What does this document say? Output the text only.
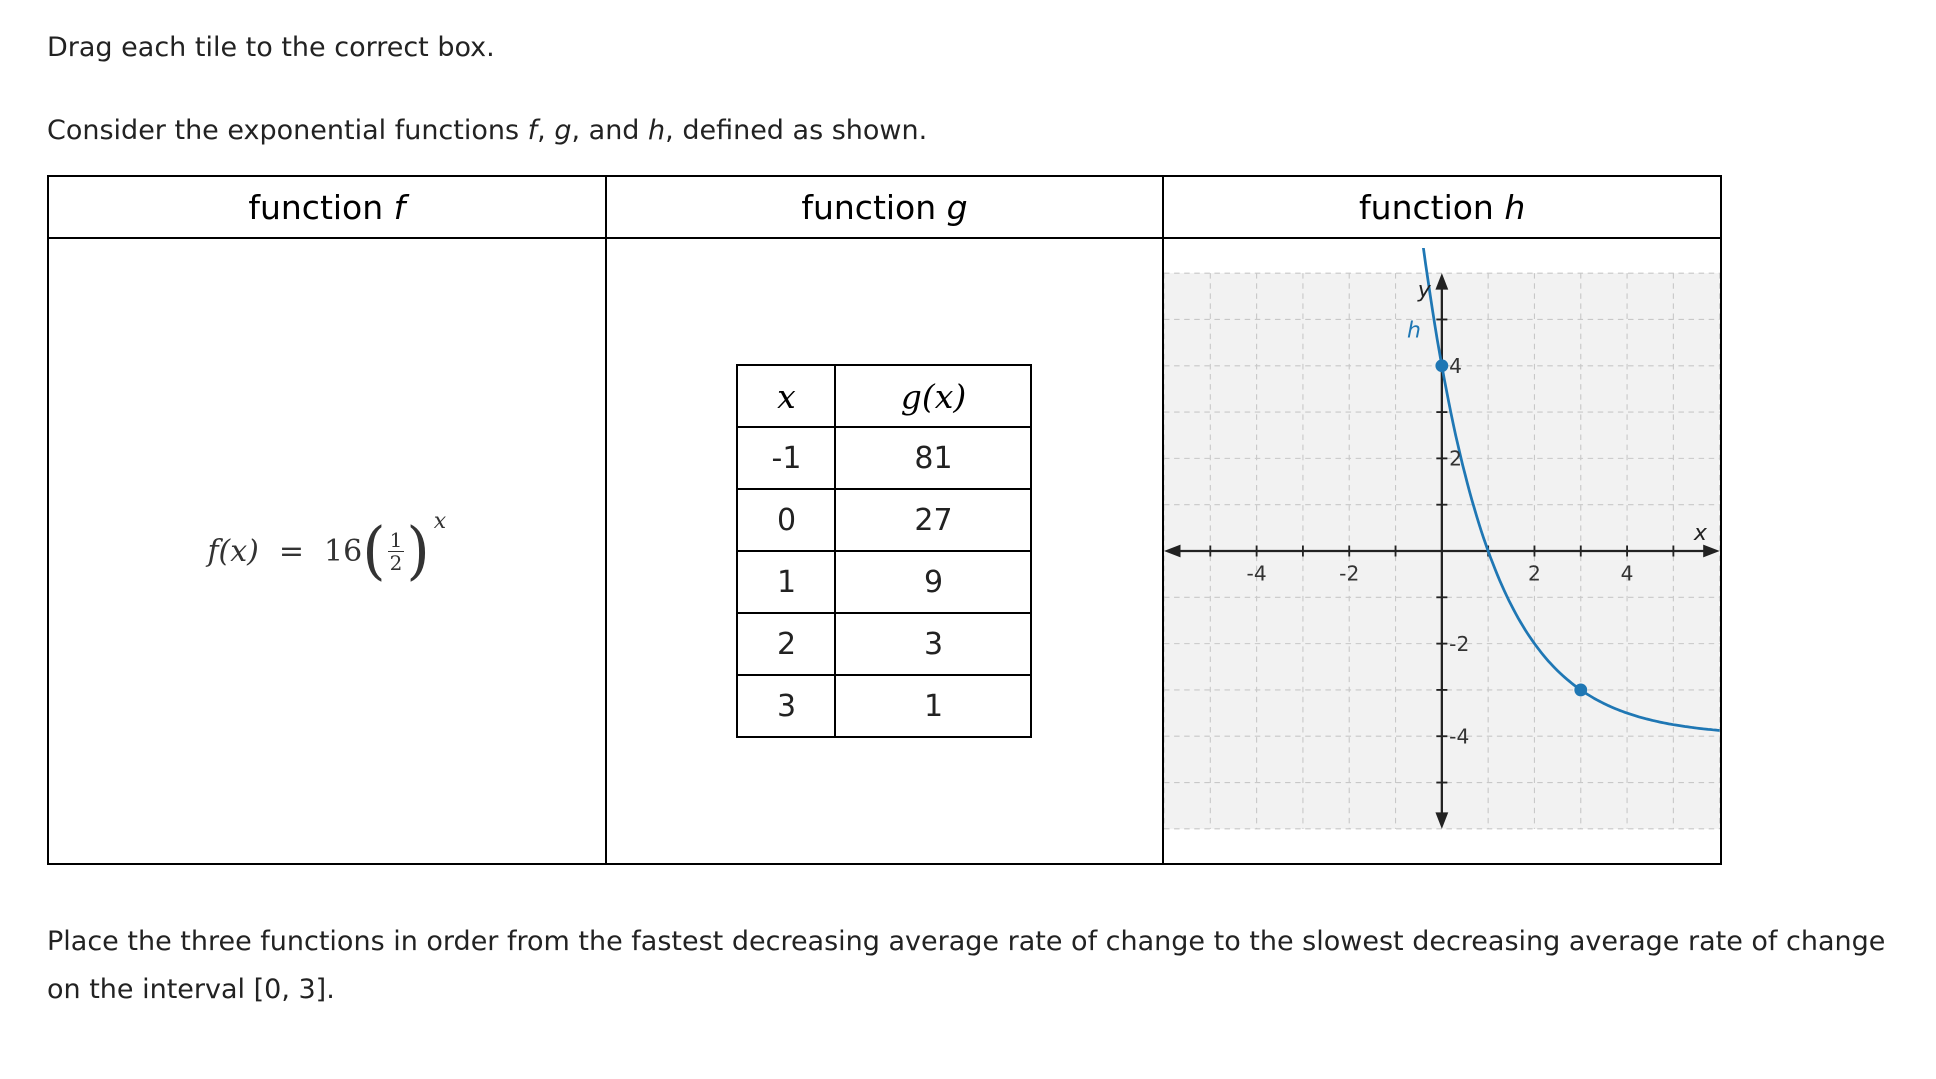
Drag each tile to the correct box.
Consider the exponential functions f, g, and h, defined as shown.
function f	function g	function h

f(x) = 16 ( $\frac{1}{2}$ ) x

x	g(x)
-1	81
0	27
1	9
2	3
3	1

x
y
h
-4	-2	2	4
4
2
-2
-4
Place the three functions in order from the fastest decreasing average rate of change to the slowest decreasing average rate of change on the interval [0, 3].
